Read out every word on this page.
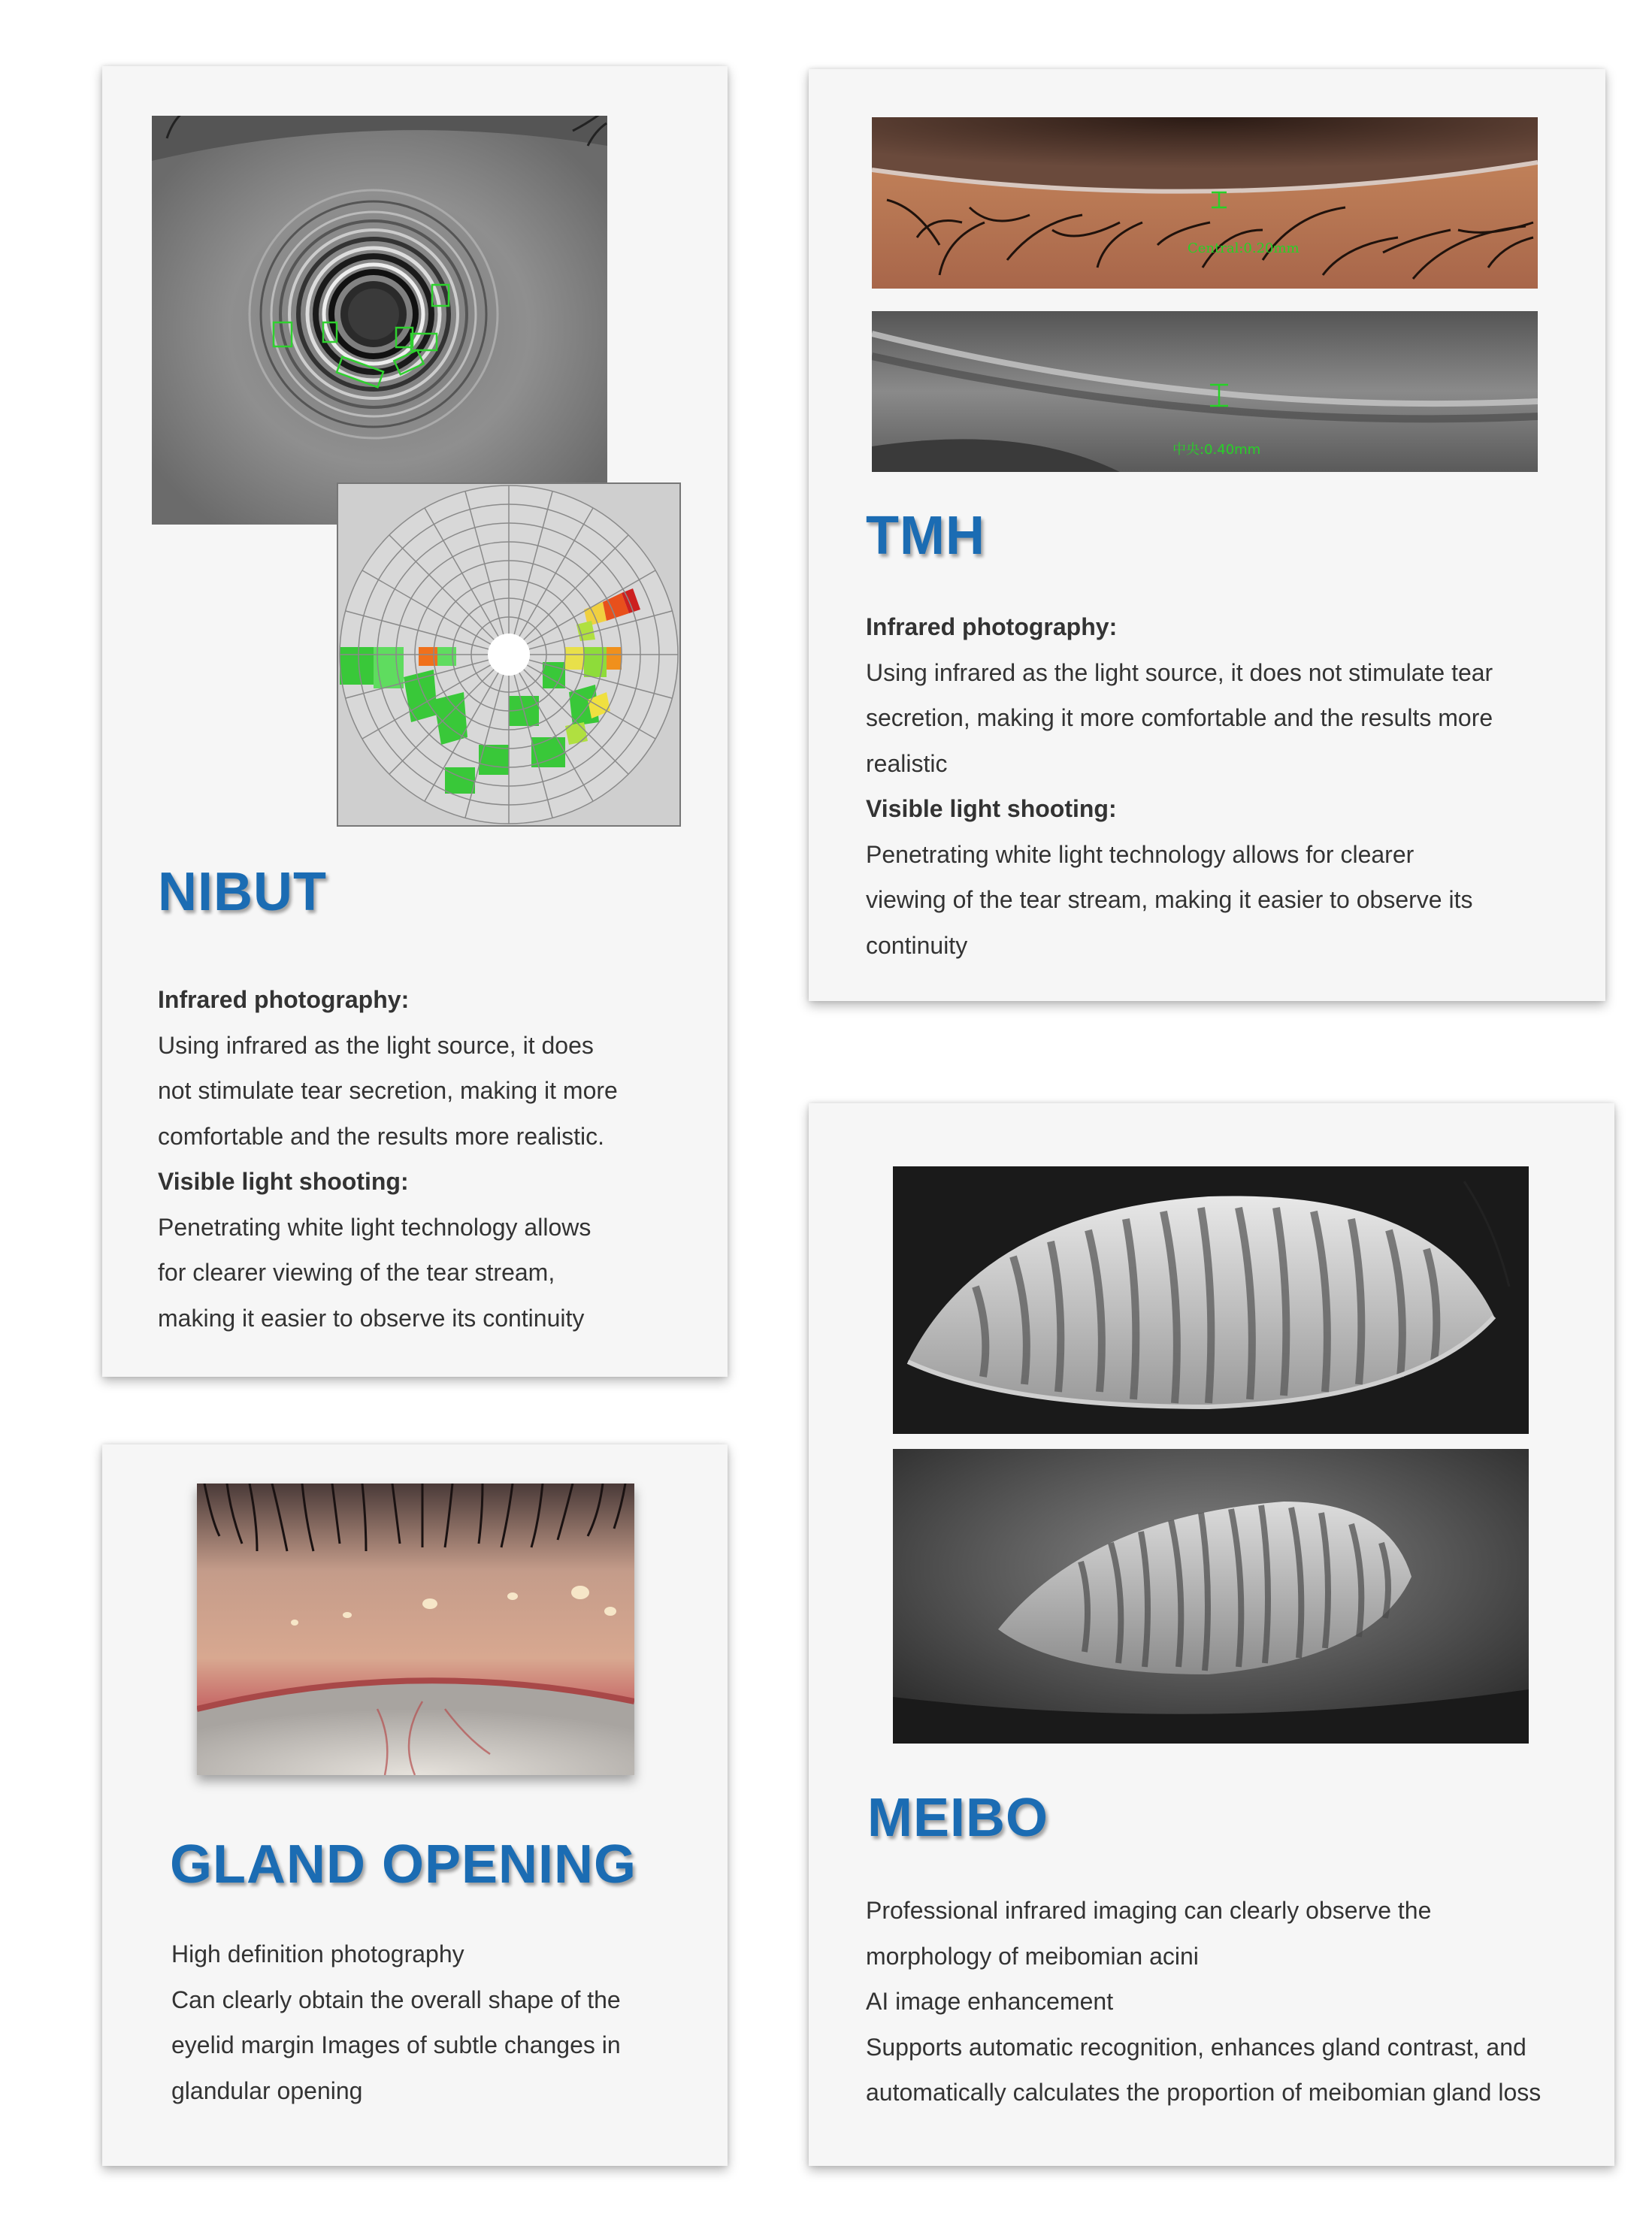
NIBUT

Infrared photography:

Using infrared as the light source, it does

not stimulate tear secretion, making it more

comfortable and the results more realistic.

Visible light shooting:

Penetrating white light technology allows

for clearer viewing of the tear stream,

making it easier to observe its continuity

Central:0.20mm
中央:0.40mm
TMH

Infrared photography:

Using infrared as the light source, it does not stimulate tear

secretion, making it more comfortable and the results more

realistic

Visible light shooting:

Penetrating white light technology allows for clearer

viewing of the tear stream, making it easier to observe its

continuity

GLAND OPENING

High definition photography

Can clearly obtain the overall shape of the

eyelid margin Images of subtle changes in

glandular opening

MEIBO

Professional infrared imaging can clearly observe the

morphology of meibomian acini

AI image enhancement

Supports automatic recognition, enhances gland contrast, and

automatically calculates the proportion of meibomian gland loss
